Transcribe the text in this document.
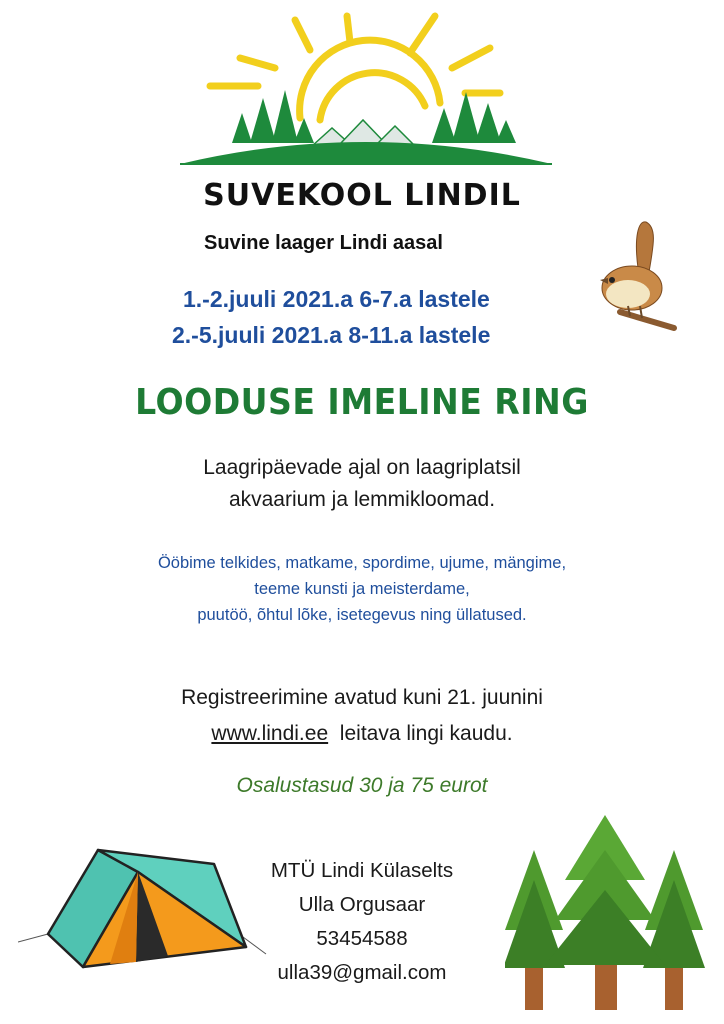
SUVEKOOL LINDIL
Suvine laager Lindi aasal
1.-2.juuli 2021.a 6-7.a lastele
2.-5.juuli 2021.a 8-11.a lastele
LOODUSE IMELINE RING
Laagripäevade ajal on laagriplatsil
akvaarium ja lemmikloomad.
Ööbime telkides, matkame, spordime, ujume, mängime,
teeme kunsti ja meisterdame,
puutöö, õhtul lõke, isetegevus ning üllatused.
Registreerimine avatud kuni 21. juunini
www.lindi.ee  leitava lingi kaudu.
Osalustasud 30 ja 75 eurot
MTÜ Lindi Külaselts
Ulla Orgusaar
53454588
ulla39@gmail.com
